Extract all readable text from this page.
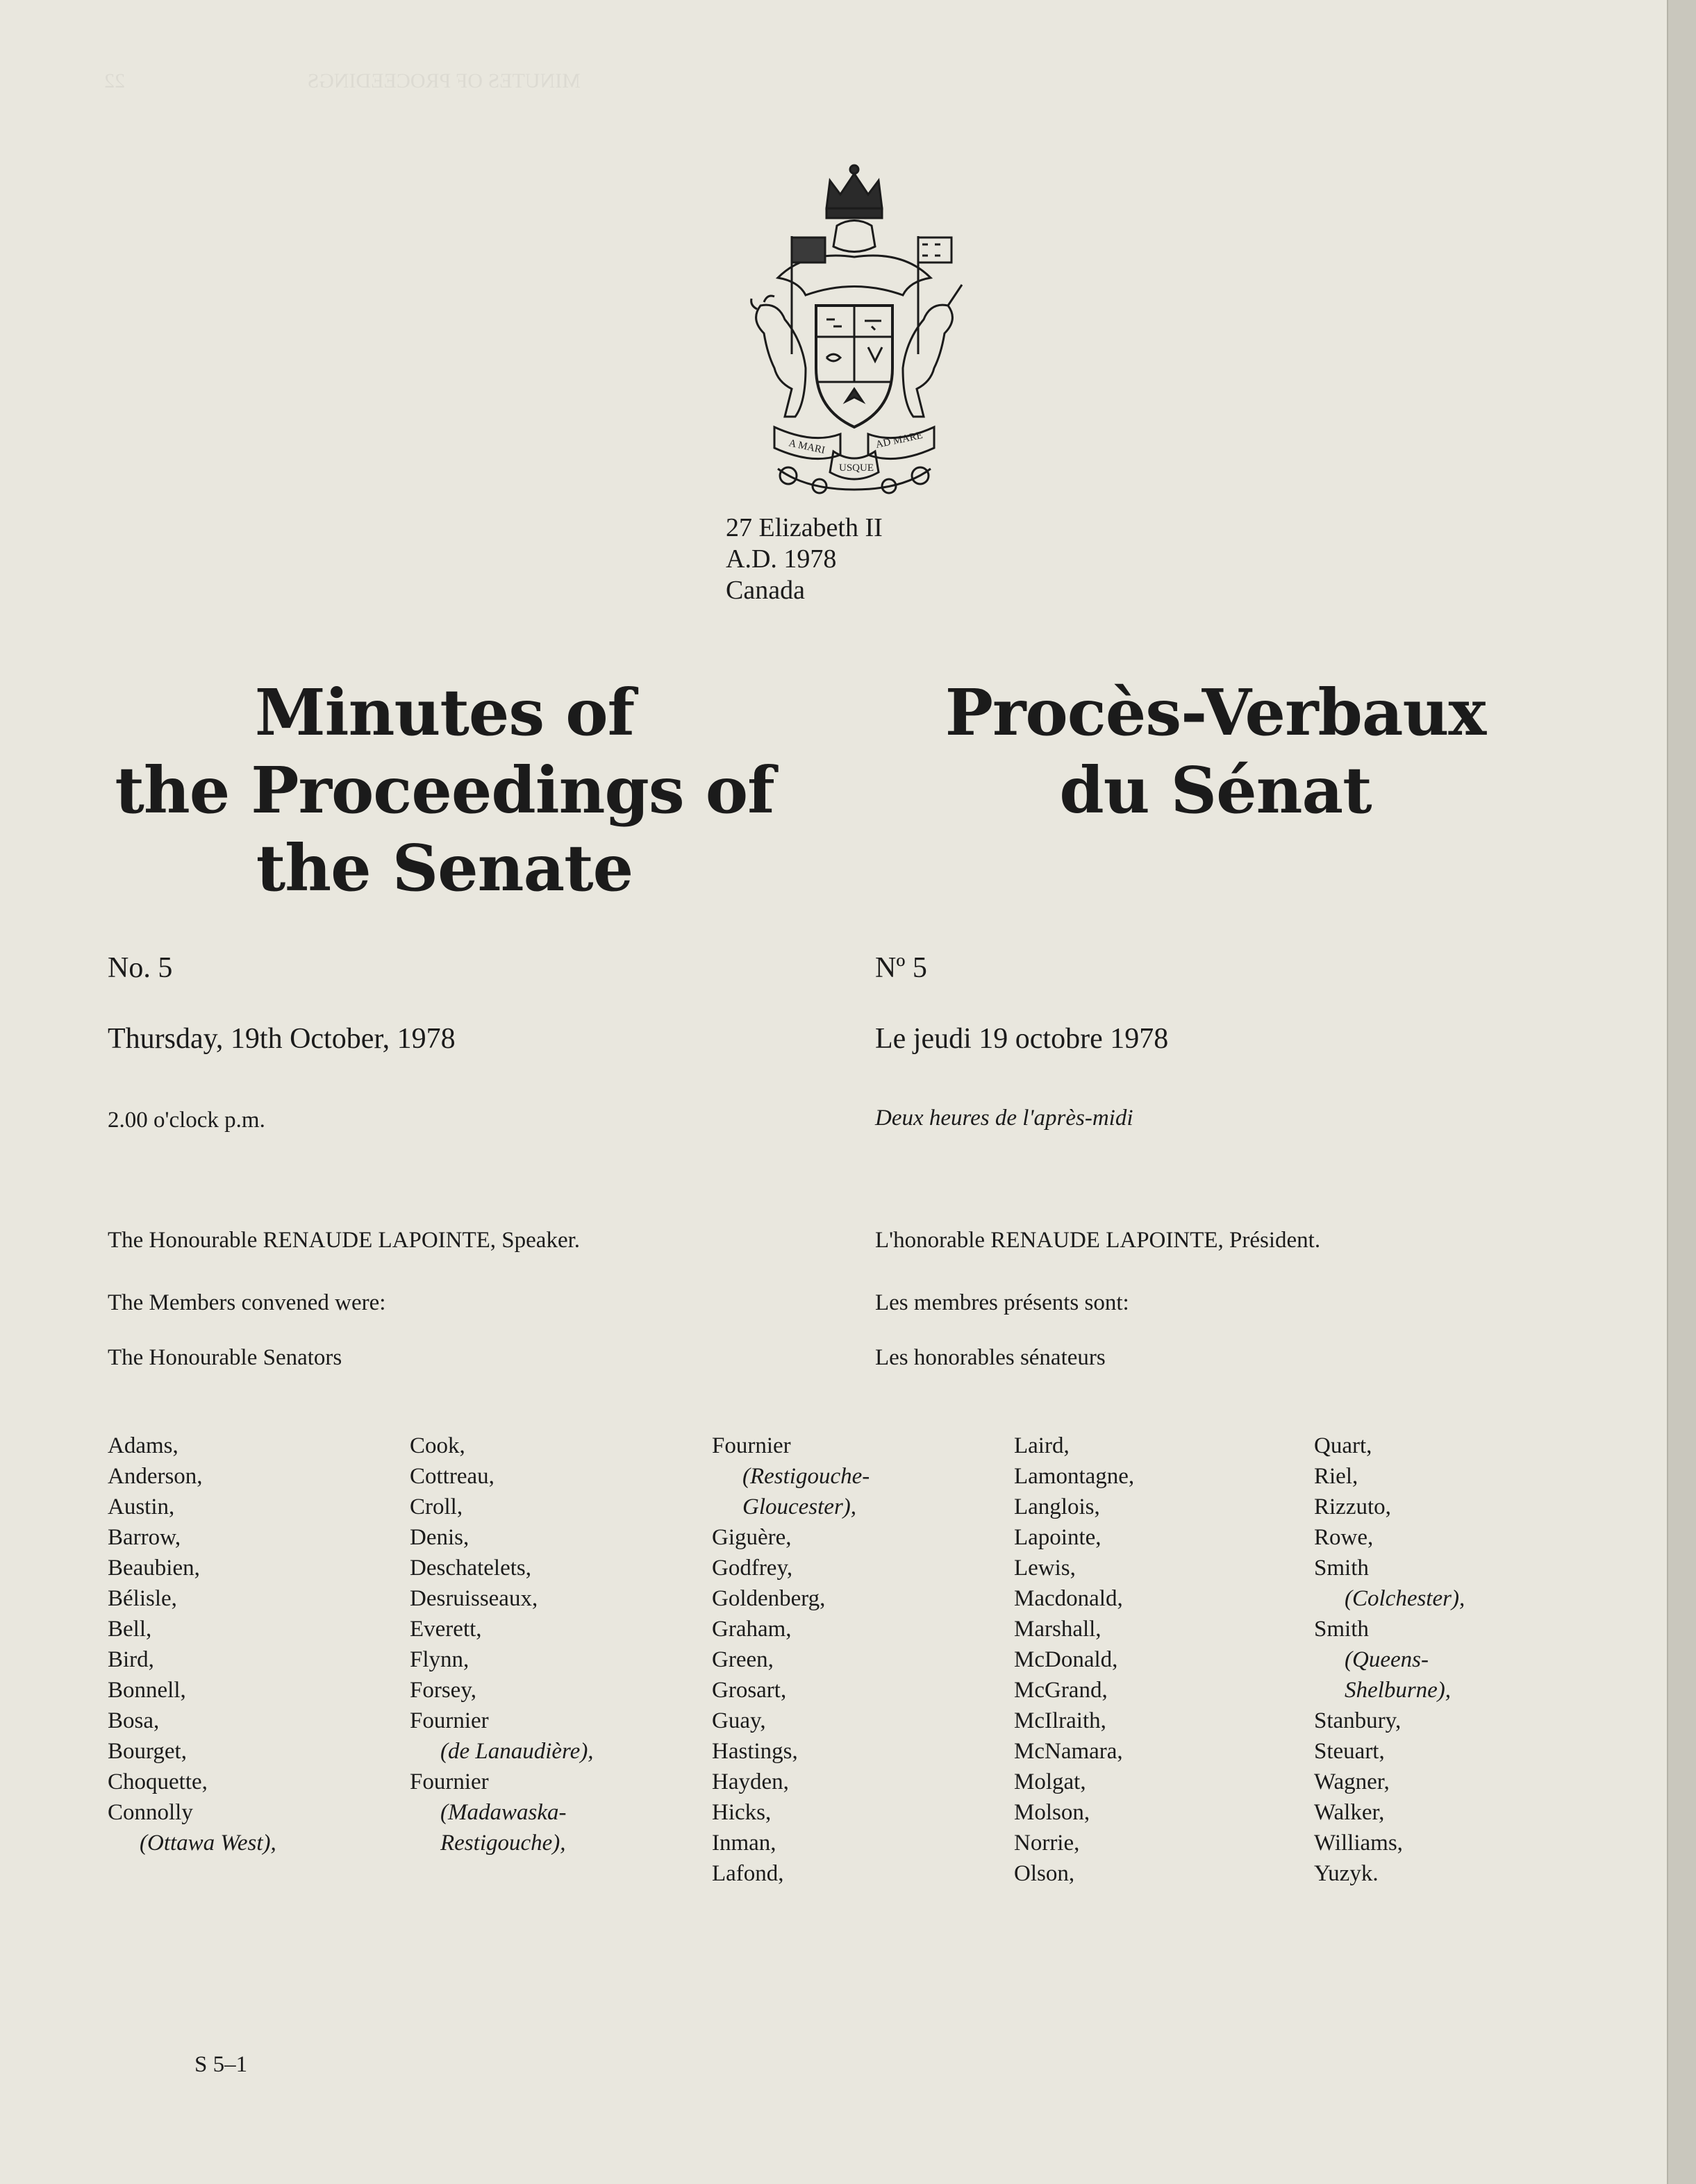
MINUTES OF PROCEEDINGS                                   22
A MARI
USQUE
AD MARE
27 Elizabeth II
A.D. 1978
Canada
Minutes of
the Proceedings of
the Senate
Procès-Verbaux
du Sénat
No. 5
Thursday, 19th October, 1978
2.00 o'clock p.m.
The Honourable RENAUDE LAPOINTE, Speaker.
The Members convened were:
The Honourable Senators
Nº 5
Le jeudi 19 octobre 1978
Deux heures de l'après-midi
L'honorable RENAUDE LAPOINTE, Président.
Les membres présents sont:
Les honorables sénateurs
Adams,
Anderson,
Austin,
Barrow,
Beaubien,
Bélisle,
Bell,
Bird,
Bonnell,
Bosa,
Bourget,
Choquette,
Connolly
(Ottawa West),
Cook,
Cottreau,
Croll,
Denis,
Deschatelets,
Desruisseaux,
Everett,
Flynn,
Forsey,
Fournier
(de Lanaudière),
Fournier
(Madawaska-
Restigouche),
Fournier
(Restigouche-
Gloucester),
Giguère,
Godfrey,
Goldenberg,
Graham,
Green,
Grosart,
Guay,
Hastings,
Hayden,
Hicks,
Inman,
Lafond,
Laird,
Lamontagne,
Langlois,
Lapointe,
Lewis,
Macdonald,
Marshall,
McDonald,
McGrand,
McIlraith,
McNamara,
Molgat,
Molson,
Norrie,
Olson,
Quart,
Riel,
Rizzuto,
Rowe,
Smith
(Colchester),
Smith
(Queens-
Shelburne),
Stanbury,
Steuart,
Wagner,
Walker,
Williams,
Yuzyk.
S 5–1
